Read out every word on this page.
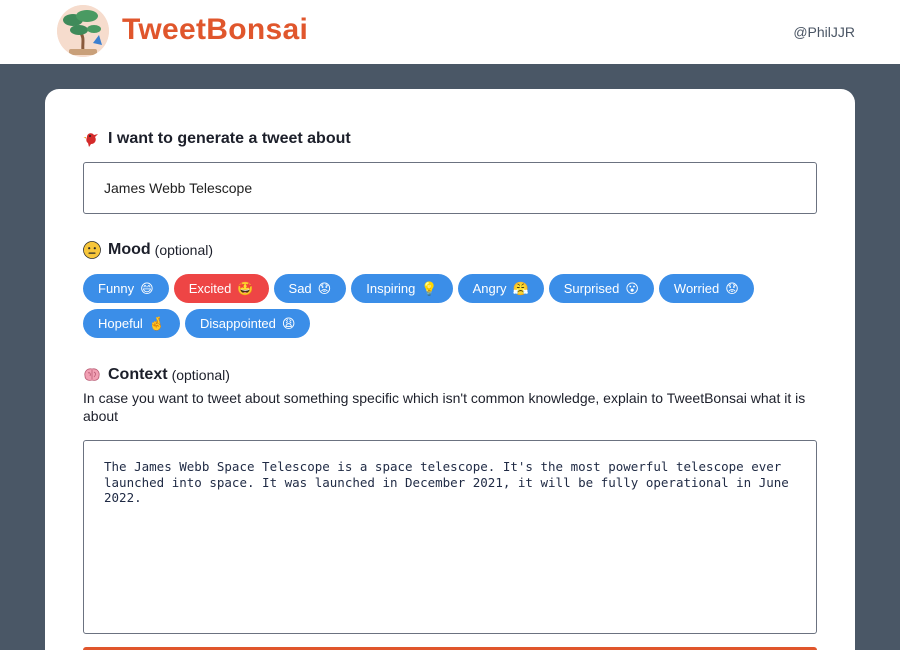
TweetBonsai	@PhilJJR
I want to generate a tweet about
James Webb Telescope
Mood (optional)
Funny 😄	Excited 🤩	Sad 😟	Inspiring 💡	Angry 😤	Surprised 😮	Worried 😟
Hopeful 🤞	Disappointed 😩
Context (optional)
In case you want to tweet about something specific which isn't common knowledge, explain to TweetBonsai what it is about
The James Webb Space Telescope is a space telescope. It's the most powerful telescope ever launched into space. It was launched in December 2021, it will be fully operational in June 2022.
